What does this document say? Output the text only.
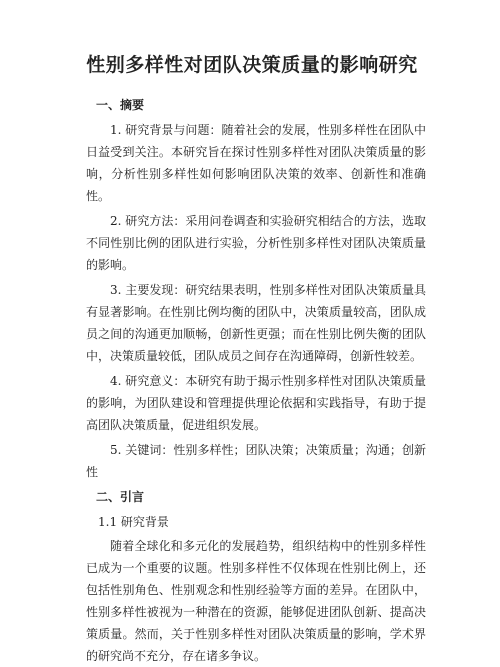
性别多样性对团队决策质量的影响研究
一、摘要

1. 研究背景与问题：随着社会的发展，性别多样性在团队中日益受到关注。本研究旨在探讨性别多样性对团队决策质量的影响，分析性别多样性如何影响团队决策的效率、创新性和准确性。

2. 研究方法：采用问卷调查和实验研究相结合的方法，选取不同性别比例的团队进行实验，分析性别多样性对团队决策质量的影响。

3. 主要发现：研究结果表明，性别多样性对团队决策质量具有显著影响。在性别比例均衡的团队中，决策质量较高，团队成员之间的沟通更加顺畅，创新性更强；而在性别比例失衡的团队中，决策质量较低，团队成员之间存在沟通障碍，创新性较差。

4. 研究意义：本研究有助于揭示性别多样性对团队决策质量的影响，为团队建设和管理提供理论依据和实践指导，有助于提高团队决策质量，促进组织发展。

5. 关键词：性别多样性；团队决策；决策质量；沟通；创新性

二、引言
1.1 研究背景

随着全球化和多元化的发展趋势，组织结构中的性别多样性已成为一个重要的议题。性别多样性不仅体现在性别比例上，还包括性别角色、性别观念和性别经验等方面的差异。在团队中，性别多样性被视为一种潜在的资源，能够促进团队创新、提高决策质量。然而，关于性别多样性对团队决策质量的影响，学术界的研究尚不充分，存在诸多争议。
